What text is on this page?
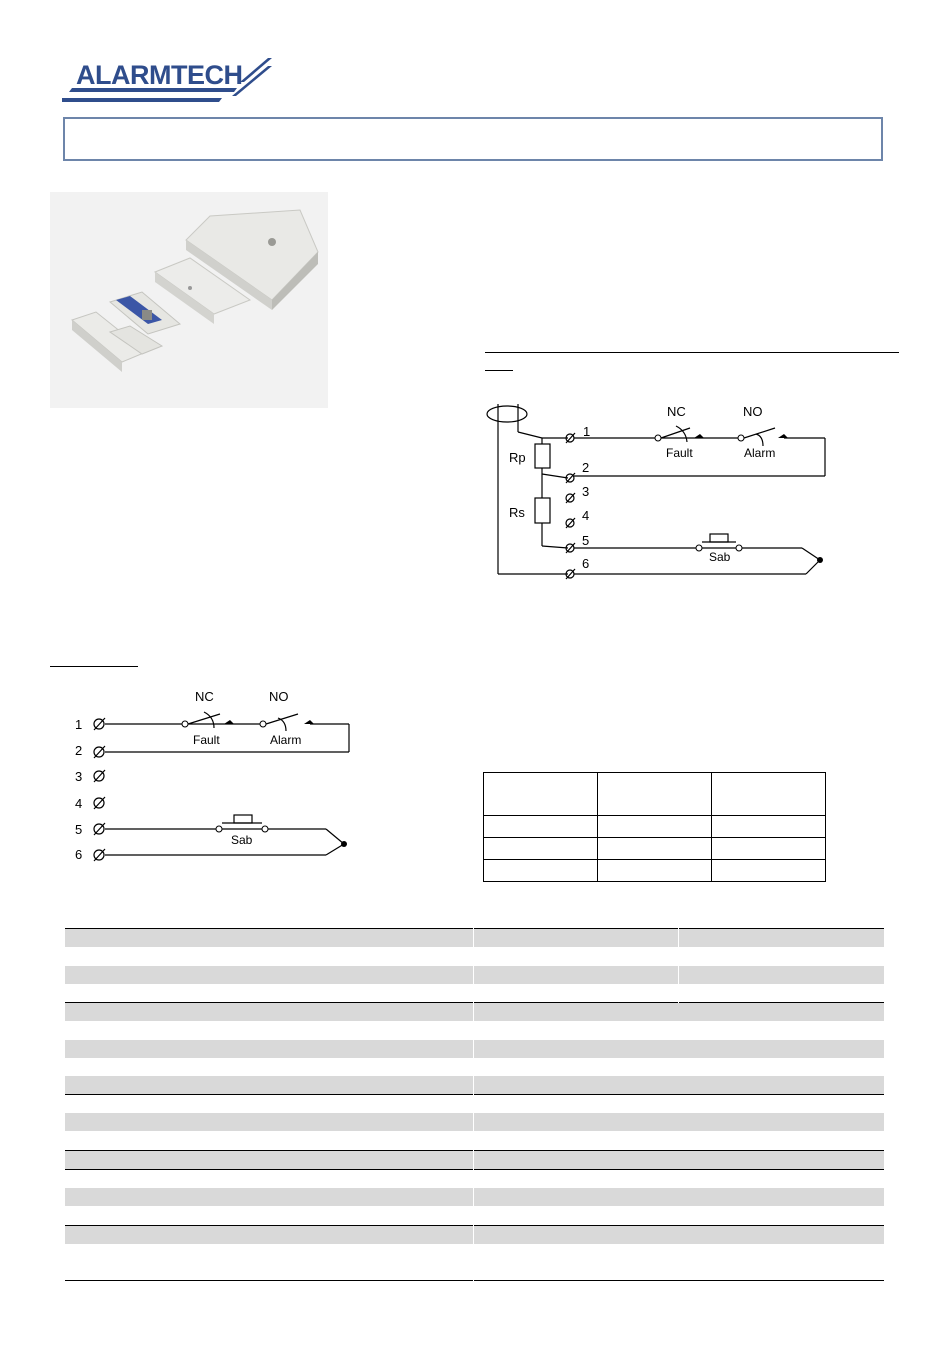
ALARMTECH
1
2
3
4
5
6
Rp
Rs
NC	NO
Fault	Alarm
Sab
1
2
3
4
5
6
NC	NO
Fault	Alarm
Sab
